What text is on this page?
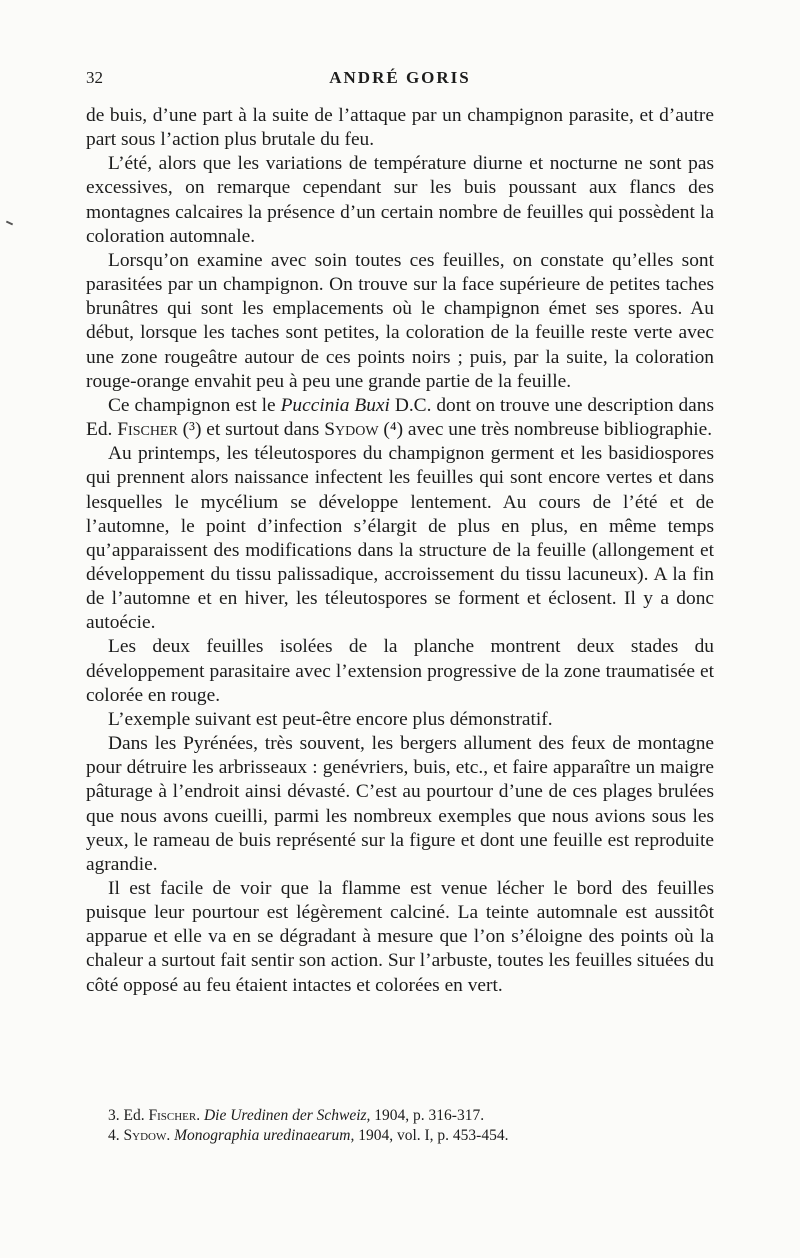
32	ANDRÉ GORIS

de buis, d’une part à la suite de l’attaque par un champignon parasite, et d’autre part sous l’action plus brutale du feu.

L’été, alors que les variations de température diurne et nocturne ne sont pas excessives, on remarque cependant sur les buis poussant aux flancs des montagnes calcaires la présence d’un certain nombre de feuilles qui possèdent la coloration automnale.

Lorsqu’on examine avec soin toutes ces feuilles, on constate qu’elles sont parasitées par un champignon. On trouve sur la face supérieure de petites taches brunâtres qui sont les emplacements où le champignon émet ses spores. Au début, lorsque les taches sont petites, la coloration de la feuille reste verte avec une zone rougeâtre autour de ces points noirs ; puis, par la suite, la coloration rouge-orange envahit peu à peu une grande partie de la feuille.

Ce champignon est le Puccinia Buxi D.C. dont on trouve une description dans Ed. Fischer (³) et surtout dans Sydow (⁴) avec une très nombreuse bibliographie.

Au printemps, les téleutospores du champignon germent et les basidiospores qui prennent alors naissance infectent les feuilles qui sont encore vertes et dans lesquelles le mycélium se développe lentement. Au cours de l’été et de l’automne, le point d’infection s’élargit de plus en plus, en même temps qu’apparaissent des modifications dans la structure de la feuille (allongement et développement du tissu palissadique, accroissement du tissu lacuneux). A la fin de l’automne et en hiver, les téleutospores se forment et éclosent. Il y a donc autoécie.

Les deux feuilles isolées de la planche montrent deux stades du développement parasitaire avec l’extension progressive de la zone traumatisée et colorée en rouge.

L’exemple suivant est peut-être encore plus démonstratif.

Dans les Pyrénées, très souvent, les bergers allument des feux de montagne pour détruire les arbrisseaux : genévriers, buis, etc., et faire apparaître un maigre pâturage à l’endroit ainsi dévasté. C’est au pourtour d’une de ces plages brulées que nous avons cueilli, parmi les nombreux exemples que nous avions sous les yeux, le rameau de buis représenté sur la figure et dont une feuille est reproduite agrandie.

Il est facile de voir que la flamme est venue lécher le bord des feuilles puisque leur pourtour est légèrement calciné. La teinte automnale est aussitôt apparue et elle va en se dégradant à mesure que l’on s’éloigne des points où la chaleur a surtout fait sentir son action. Sur l’arbuste, toutes les feuilles situées du côté opposé au feu étaient intactes et colorées en vert.

3. Ed. Fischer. Die Uredinen der Schweiz, 1904, p. 316-317.

4. Sydow. Monographia uredinaearum, 1904, vol. I, p. 453-454.
